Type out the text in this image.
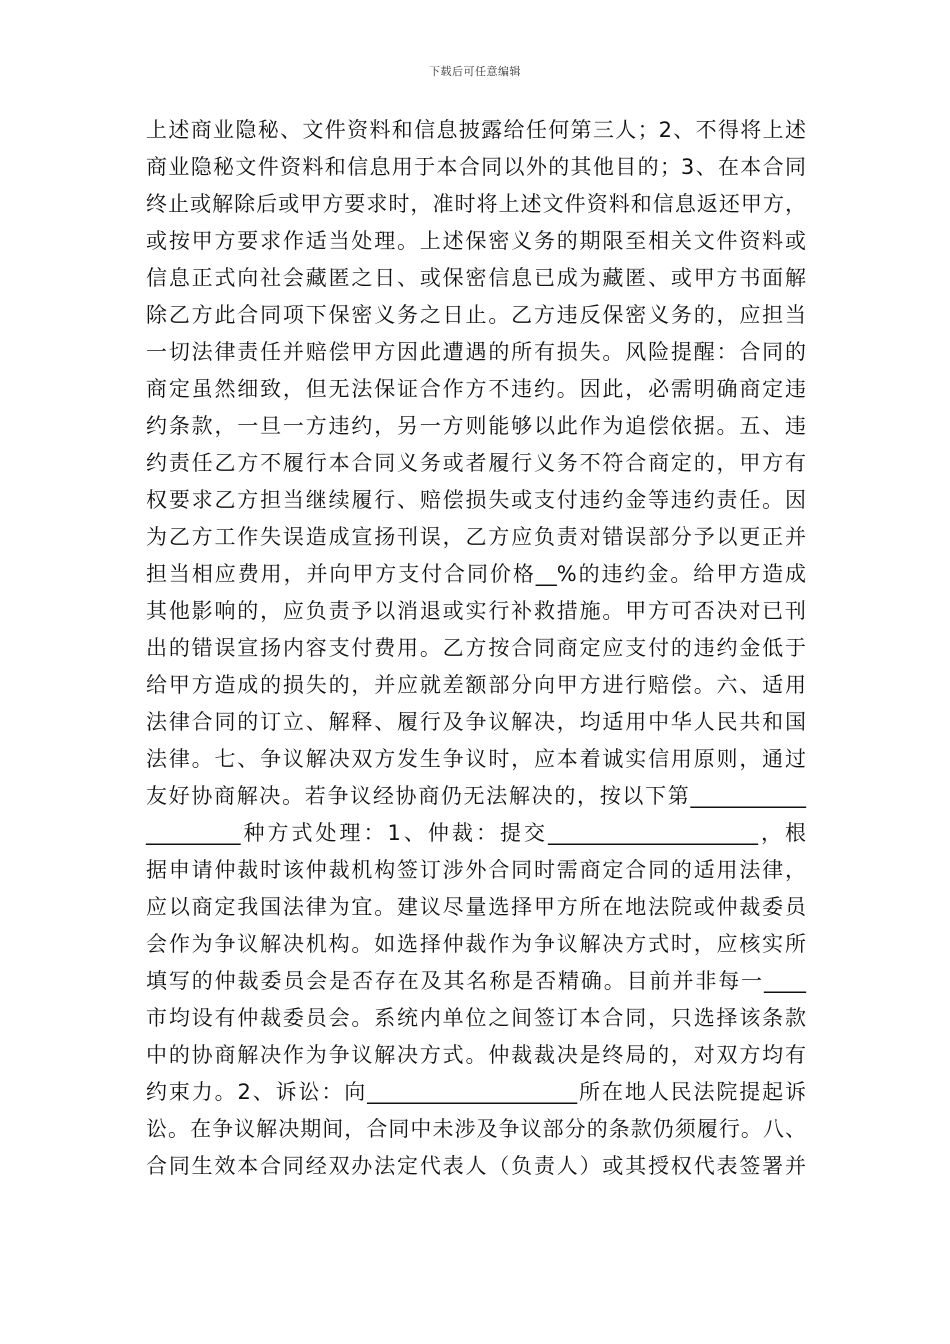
下载后可任意编辑
上述商业隐秘、文件资料和信息披露给任何第三人；2、不得将上述
商业隐秘文件资料和信息用于本合同以外的其他目的；3、在本合同
终止或解除后或甲方要求时，准时将上述文件资料和信息返还甲方，
或按甲方要求作适当处理。上述保密义务的期限至相关文件资料或
信息正式向社会藏匿之日、或保密信息已成为藏匿、或甲方书面解
除乙方此合同项下保密义务之日止。乙方违反保密义务的，应担当
一切法律责任并赔偿甲方因此遭遇的所有损失。风险提醒：合同的
商定虽然细致，但无法保证合作方不违约。因此，必需明确商定违
约条款，一旦一方违约，另一方则能够以此作为追偿依据。五、违
约责任乙方不履行本合同义务或者履行义务不符合商定的，甲方有
权要求乙方担当继续履行、赔偿损失或支付违约金等违约责任。因
为乙方工作失误造成宣扬刊误，乙方应负责对错误部分予以更正并
担当相应费用，并向甲方支付合同价格__%的违约金。给甲方造成
其他影响的，应负责予以消退或实行补救措施。甲方可否决对已刊
出的错误宣扬内容支付费用。乙方按合同商定应支付的违约金低于
给甲方造成的损失的，并应就差额部分向甲方进行赔偿。六、适用
法律合同的订立、解释、履行及争议解决，均适用中华人民共和国
法律。七、争议解决双方发生争议时，应本着诚实信用原则，通过
友好协商解决。若争议经协商仍无法解决的，按以下第___________
_________种方式处理：1、仲裁：提交____________________，根
据申请仲裁时该仲裁机构签订涉外合同时需商定合同的适用法律，
应以商定我国法律为宜。建议尽量选择甲方所在地法院或仲裁委员
会作为争议解决机构。如选择仲裁作为争议解决方式时，应核实所
填写的仲裁委员会是否存在及其名称是否精确。目前并非每一____
市均设有仲裁委员会。系统内单位之间签订本合同，只选择该条款
中的协商解决作为争议解决方式。仲裁裁决是终局的，对双方均有
约束力。2、诉讼：向____________________所在地人民法院提起诉
讼。在争议解决期间，合同中未涉及争议部分的条款仍须履行。八、
合同生效本合同经双办法定代表人（负责人）或其授权代表签署并
